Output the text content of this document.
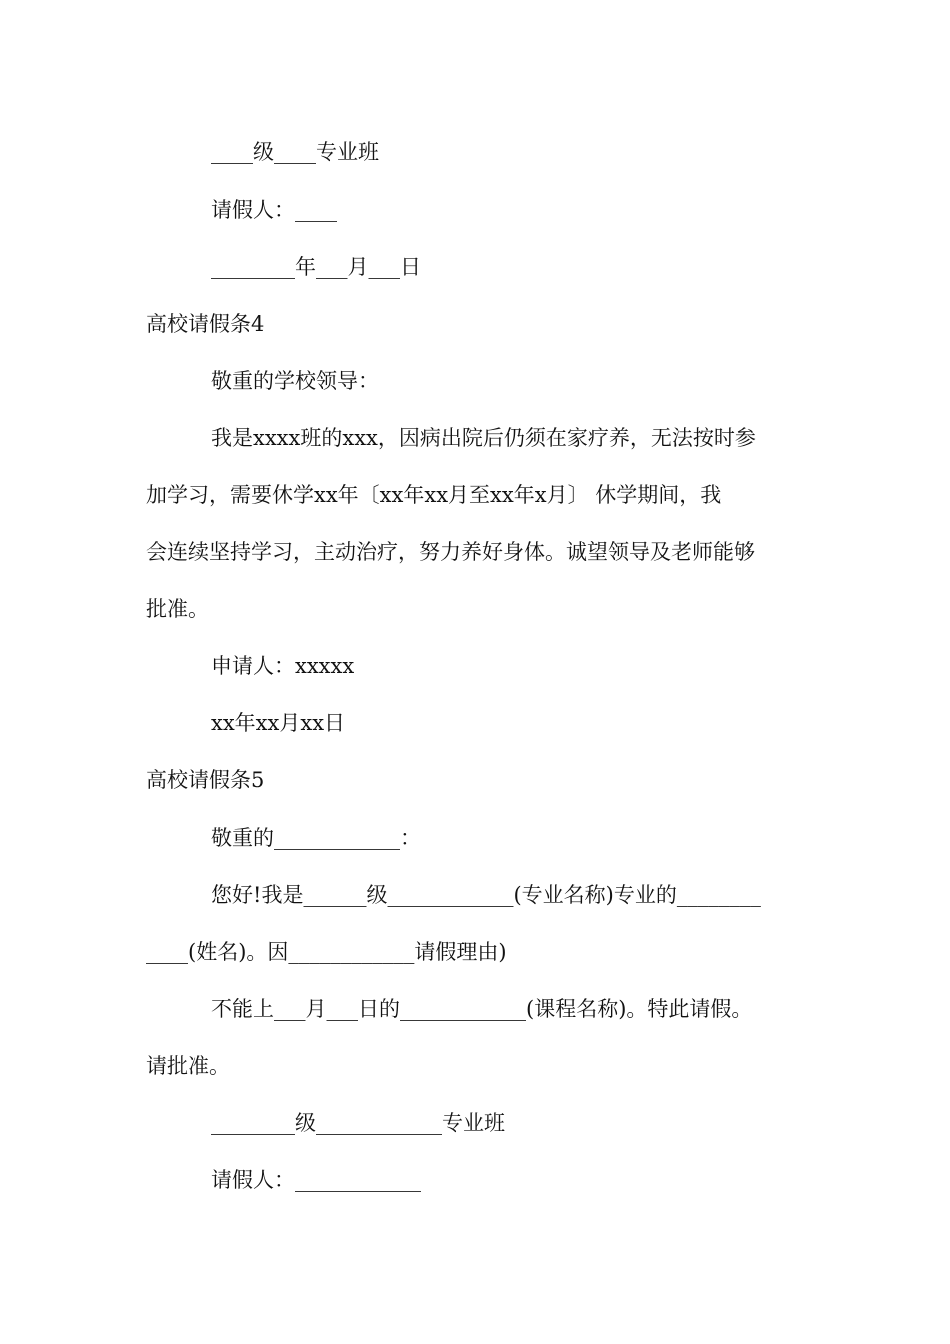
____级____专业班
请假人：____
________年___月___日
高校请假条4
敬重的学校领导：
我是xxxx班的xxx，因病出院后仍须在家疗养，无法按时参
加学习，需要休学xx年〔xx年xx月至xx年x月〕 休学期间，我
会连续坚持学习，主动治疗，努力养好身体。诚望领导及老师能够
批准。
申请人：xxxxx
xx年xx月xx日
高校请假条5
敬重的____________：
您好!我是______级____________(专业名称)专业的________
____(姓名)。因____________请假理由)
不能上___月___日的____________(课程名称)。特此请假。
请批准。
________级____________专业班
请假人：____________
